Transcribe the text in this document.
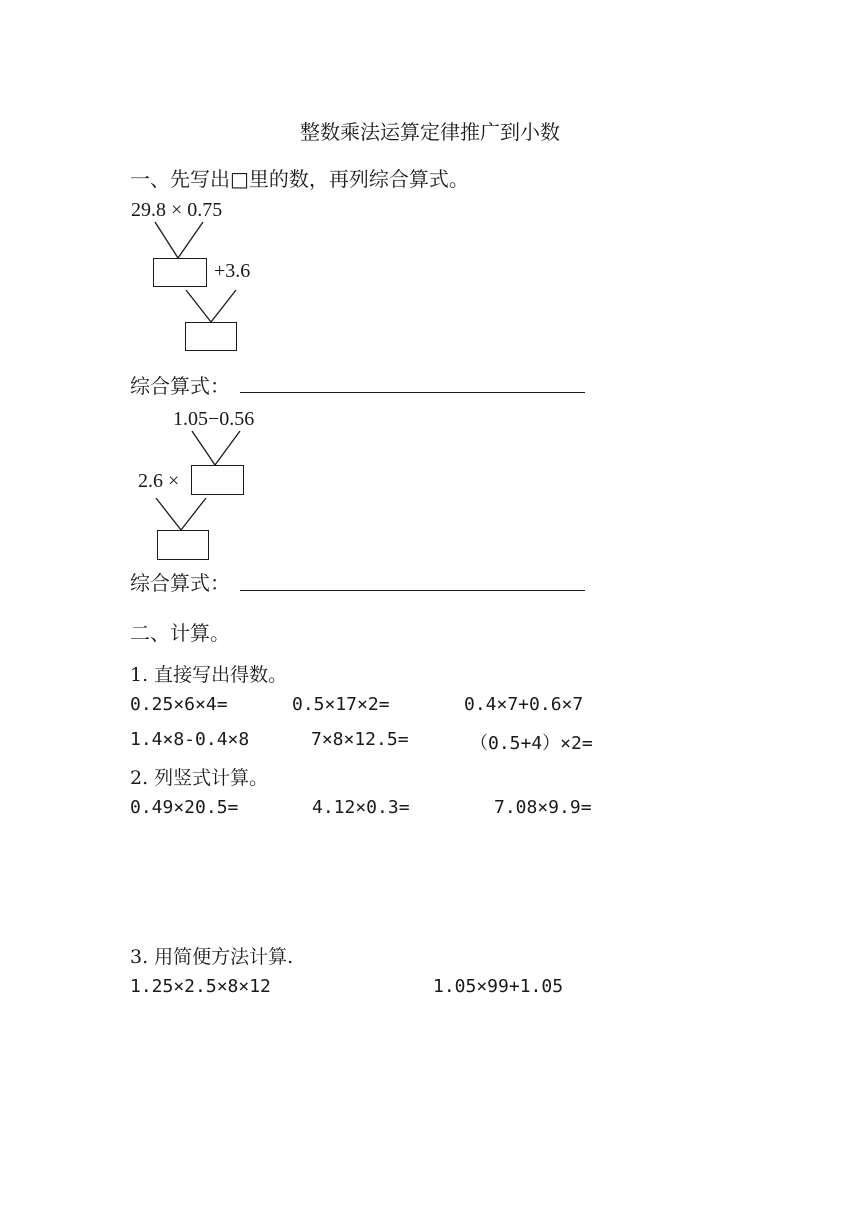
整数乘法运算定律推广到小数
一、先写出□里的数，再列综合算式。
29.8 × 0.75
+3.6
综合算式：
1.05−0.56
2.6 ×
综合算式：
二、计算。
1. 直接写出得数。
0.25×6×4=	0.5×17×2=	0.4×7+0.6×7
1.4×8-0.4×8	7×8×12.5=	（0.5+4）×2=
2. 列竖式计算。
0.49×20.5=	4.12×0.3=	7.08×9.9=
3. 用简便方法计算.
1.25×2.5×8×12	1.05×99+1.05
